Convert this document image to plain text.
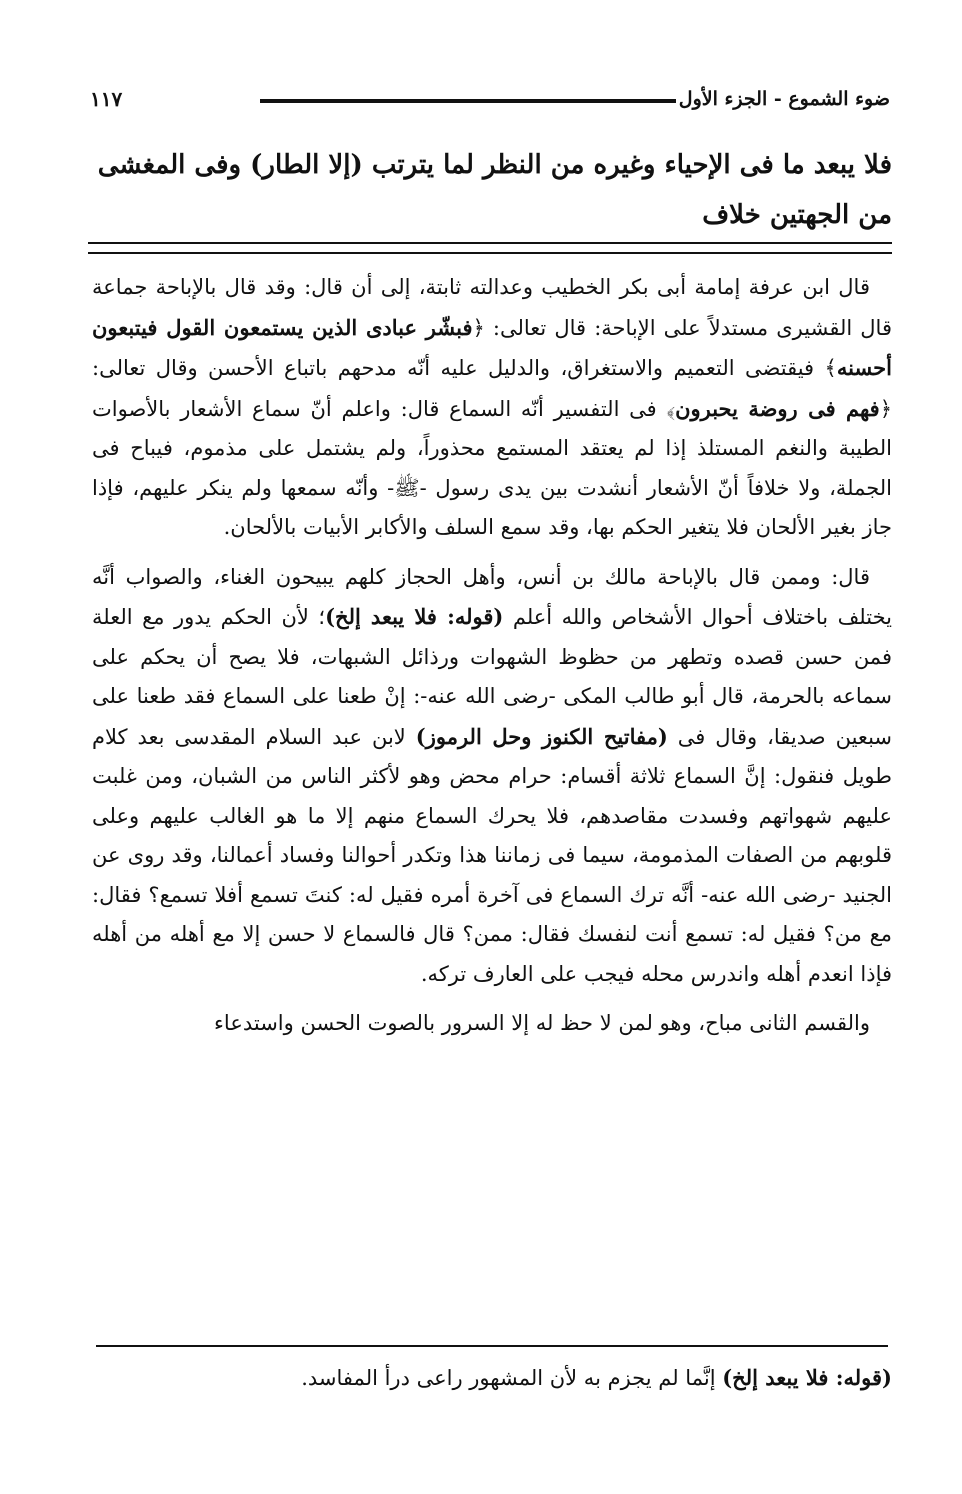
ضوء الشموع - الجزء الأول
١١٧
فلا يبعد ما فى الإحياء وغيره من النظر لما يترتب (إلا الطار) وفى المغشى من الجهتين خلاف

قال ابن عرفة إمامة أبى بكر الخطيب وعدالته ثابتة، إلى أن قال: وقد قال بالإباحة جماعة قال القشيرى مستدلاً على الإباحة: قال تعالى: ﴿فبشّر عبادى الذين يستمعون القول فيتبعون أحسنه﴾ فيقتضى التعميم والاستغراق، والدليل عليه أنّه مدحهم باتباع الأحسن وقال تعالى: ﴿فهم فى روضة يحبرون﴾ فى التفسير أنّه السماع قال: واعلم أنّ سماع الأشعار بالأصوات الطيبة والنغم المستلذ إذا لم يعتقد المستمع محذوراً، ولم يشتمل على مذموم، فيباح فى الجملة، ولا خلافاً أنّ الأشعار أنشدت بين يدى رسول -ﷺ- وأنّه سمعها ولم ينكر عليهم، فإذا جاز بغير الألحان فلا يتغير الحكم بها، وقد سمع السلف والأكابر الأبيات بالألحان.

قال: وممن قال بالإباحة مالك بن أنس، وأهل الحجاز كلهم يبيحون الغناء، والصواب أنَّه يختلف باختلاف أحوال الأشخاص والله أعلم (قوله: فلا يبعد إلخ)؛ لأن الحكم يدور مع العلة فمن حسن قصده وتطهر من حظوظ الشهوات ورذائل الشبهات، فلا يصح أن يحكم على سماعه بالحرمة، قال أبو طالب المكى -رضى الله عنه-: إنْ طعنا على السماع فقد طعنا على سبعين صديقا، وقال فى (مفاتيح الكنوز وحل الرموز) لابن عبد السلام المقدسى بعد كلام طويل فنقول: إنَّ السماع ثلاثة أقسام: حرام محض وهو لأكثر الناس من الشبان، ومن غلبت عليهم شهواتهم وفسدت مقاصدهم، فلا يحرك السماع منهم إلا ما هو الغالب عليهم وعلى قلوبهم من الصفات المذمومة، سيما فى زماننا هذا وتكدر أحوالنا وفساد أعمالنا، وقد روى عن الجنيد -رضى الله عنه- أنَّه ترك السماع فى آخرة أمره فقيل له: كنتَ تسمع أفلا تسمع؟ فقال: مع من؟ فقيل له: تسمع أنت لنفسك فقال: ممن؟ قال فالسماع لا حسن إلا مع أهله من أهله فإذا انعدم أهله واندرس محله فيجب على العارف تركه.

والقسم الثانى مباح، وهو لمن لا حظ له إلا السرور بالصوت الحسن واستدعاء

(قوله: فلا يبعد إلخ) إنَّما لم يجزم به لأن المشهور راعى درأ المفاسد.
